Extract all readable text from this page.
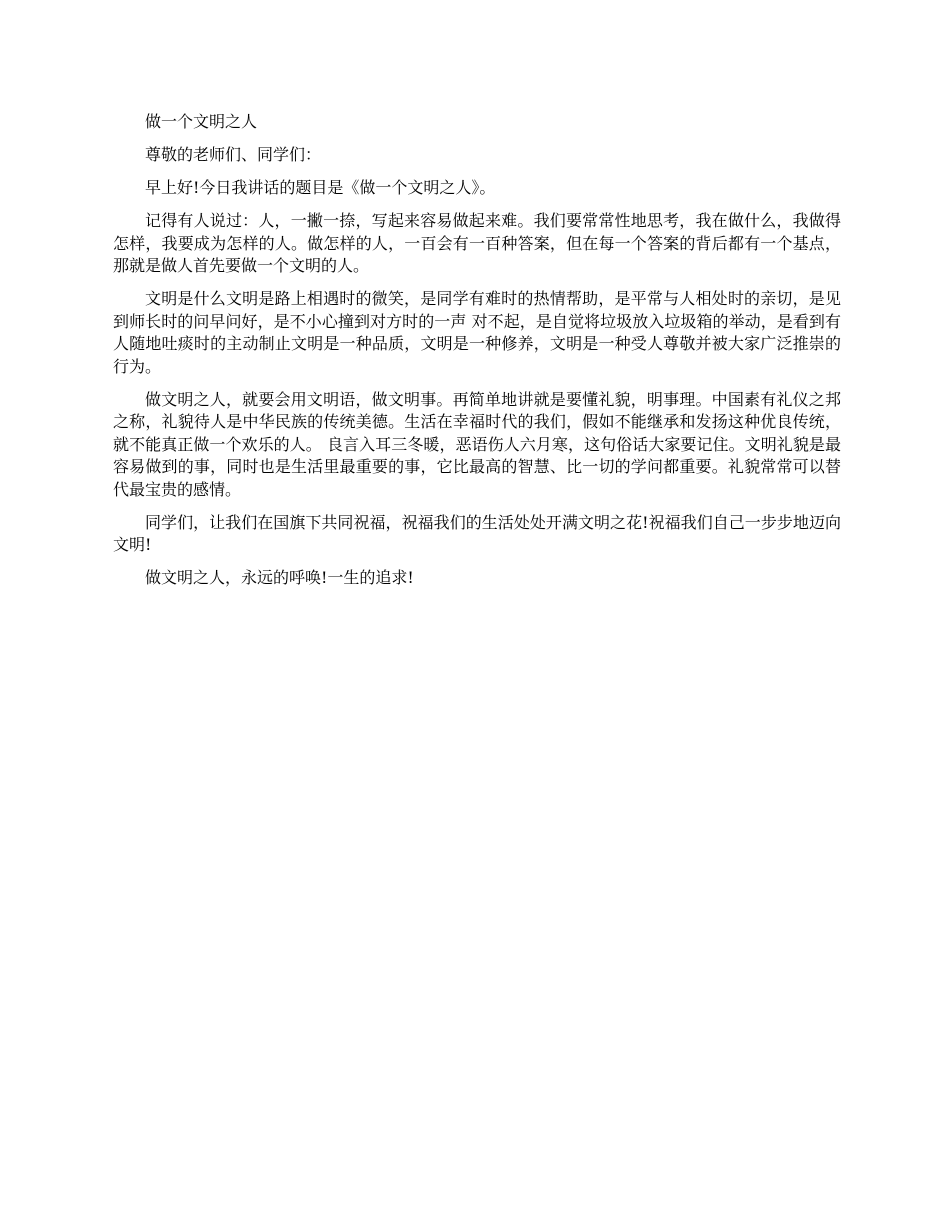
做一个文明之人

尊敬的老师们、同学们：

早上好!今日我讲话的题目是《做一个文明之人》。

记得有人说过：人，一撇一捺，写起来容易做起来难。我们要常常性地思考，我在做什么，我做得怎样，我要成为怎样的人。做怎样的人，一百会有一百种答案，但在每一个答案的背后都有一个基点，那就是做人首先要做一个文明的人。

文明是什么文明是路上相遇时的微笑，是同学有难时的热情帮助，是平常与人相处时的亲切，是见到师长时的问早问好，是不小心撞到对方时的一声 对不起，是自觉将垃圾放入垃圾箱的举动，是看到有人随地吐痰时的主动制止文明是一种品质，文明是一种修养，文明是一种受人尊敬并被大家广泛推崇的行为。

做文明之人，就要会用文明语，做文明事。再简单地讲就是要懂礼貌，明事理。中国素有礼仪之邦之称，礼貌待人是中华民族的传统美德。生活在幸福时代的我们，假如不能继承和发扬这种优良传统，就不能真正做一个欢乐的人。 良言入耳三冬暖，恶语伤人六月寒，这句俗话大家要记住。文明礼貌是最容易做到的事，同时也是生活里最重要的事，它比最高的智慧、比一切的学问都重要。礼貌常常可以替代最宝贵的感情。

同学们，让我们在国旗下共同祝福，祝福我们的生活处处开满文明之花!祝福我们自己一步步地迈向文明!

做文明之人，永远的呼唤!一生的追求!
